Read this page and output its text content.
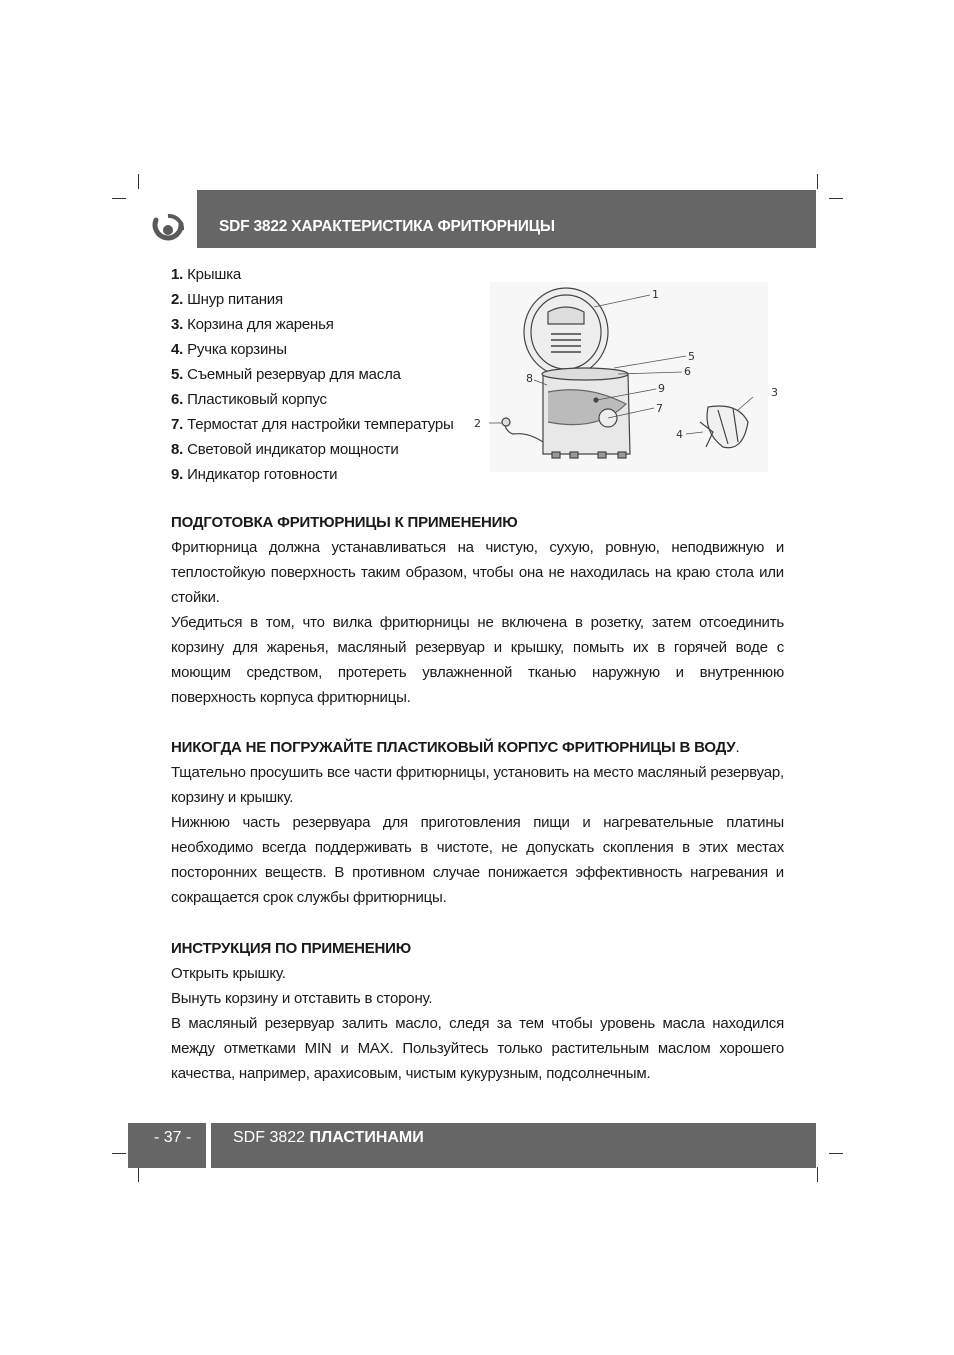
SDF 3822 ХАРАКТЕРИСТИКА ФРИТЮРНИЦЫ
1. Крышка
2. Шнур питания
3. Корзина для жаренья
4. Ручка корзины
5. Съемный резервуар для масла
6. Пластиковый корпус
7. Термостат для настройки температуры
8. Световой индикатор мощности
9. Индикатор готовности
1
2
3
4
5
6
7
8
9
ПОДГОТОВКА ФРИТЮРНИЦЫ К ПРИМЕНЕНИЮ

Фритюрница должна устанавливаться на чистую, сухую, ровную, неподвижную и теплостойкую поверхность таким образом, чтобы она не находилась на краю стола или стойки.

Убедиться в том, что вилка фритюрницы не включена в розетку, затем отсоединить корзину для жаренья, масляный резервуар и крышку, помыть их в горячей воде с моющим средством, протереть увлажненной тканью наружную и внутреннюю поверхность корпуса фритюрницы.

НИКОГДА НЕ ПОГРУЖАЙТЕ ПЛАСТИКОВЫЙ КОРПУС ФРИТЮРНИЦЫ В ВОДУ.

Тщательно просушить все части фритюрницы, установить на место масляный резервуар, корзину и крышку.

Нижнюю часть резервуара для приготовления пищи и нагревательные платины необходимо всегда поддерживать в чистоте, не допускать скопления в этих местах посторонних веществ. В противном случае понижается эффективность нагревания и сокращается срок службы фритюрницы.

ИНСТРУКЦИЯ ПО ПРИМЕНЕНИЮ

Открыть крышку.

Вынуть корзину и отставить в сторону.

В масляный резервуар залить масло, следя за тем чтобы уровень масла находился между отметками MIN и MAX. Пользуйтесь только растительным маслом хорошего качества, например, арахисовым, чистым кукурузным, подсолнечным.

- 37 -	SDF 3822 ПЛАСТИНАМИ
